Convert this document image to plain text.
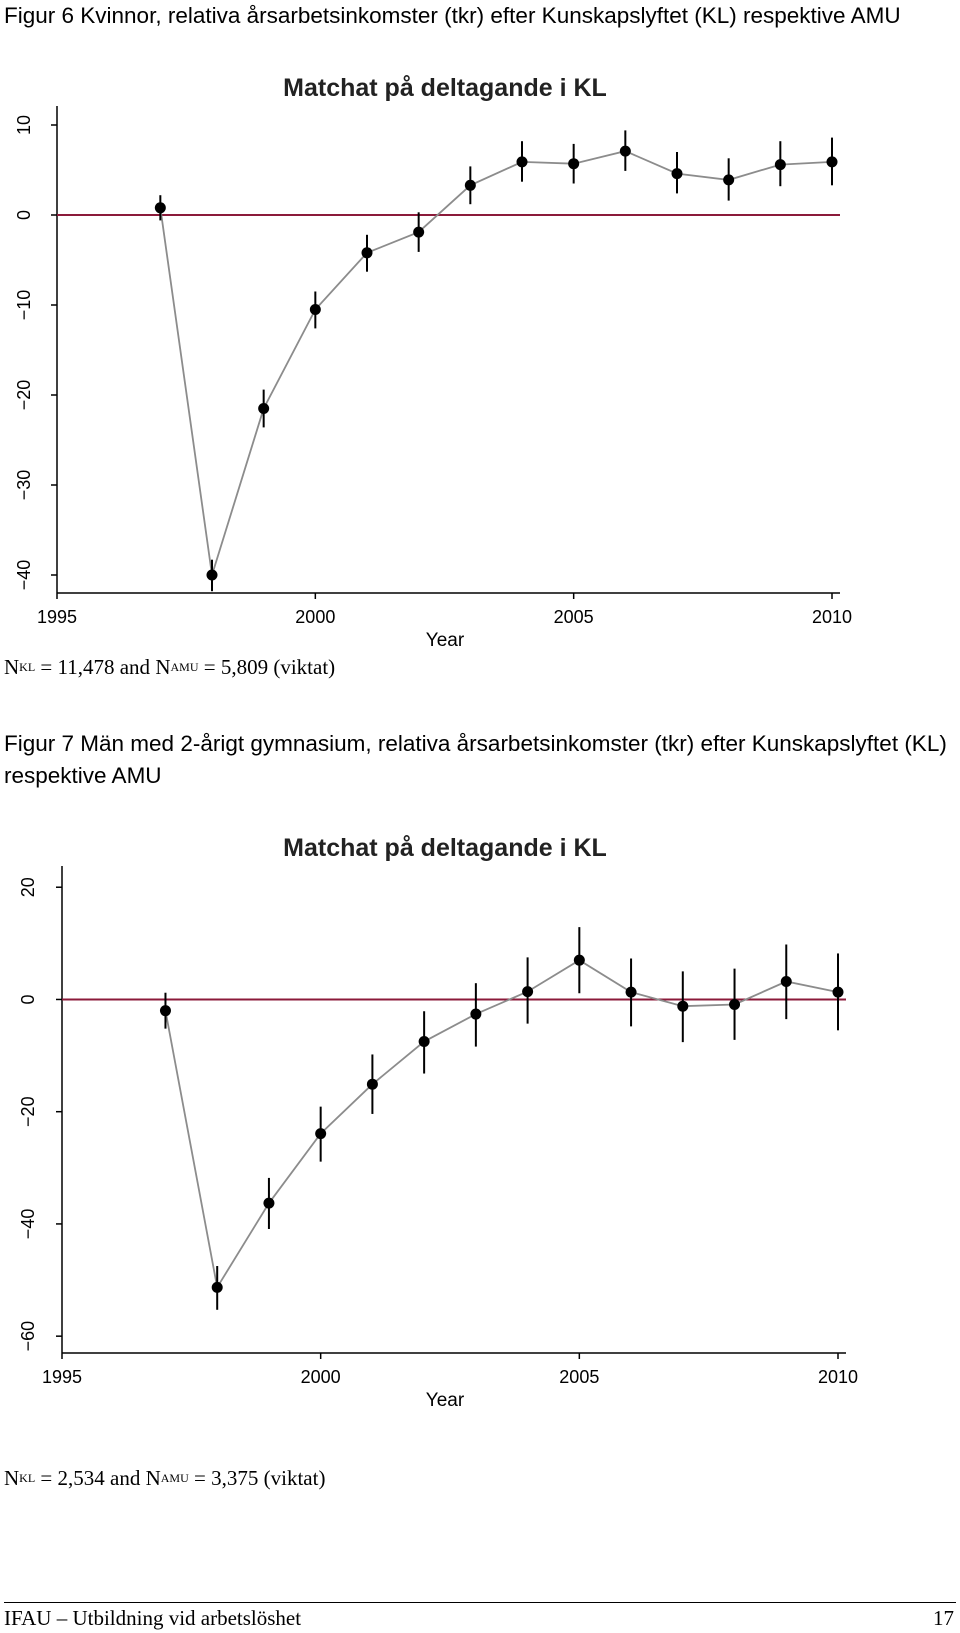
Figur 6 Kvinnor, relativa årsarbetsinkomster (tkr) efter Kunskapslyftet (KL) respektive AMU
Matchat på deltagande i KL
10
0
−10
−20
−30
−40
1995	2000	2005	2010
Year
$N^{KL} = 11,478$ and $N^{AMU} = 5,809$ (viktat)
Figur 7 Män med 2-årigt gymnasium, relativa årsarbetsinkomster (tkr) efter Kunskapslyftet (KL) respektive AMU
Matchat på deltagande i KL
20
0
−20
−40
−60
1995	2000	2005	2010
Year
$N^{KL} = 2,534$ and $N^{AMU} = 3,375$ (viktat)
IFAU – Utbildning vid arbetslöshet	17
